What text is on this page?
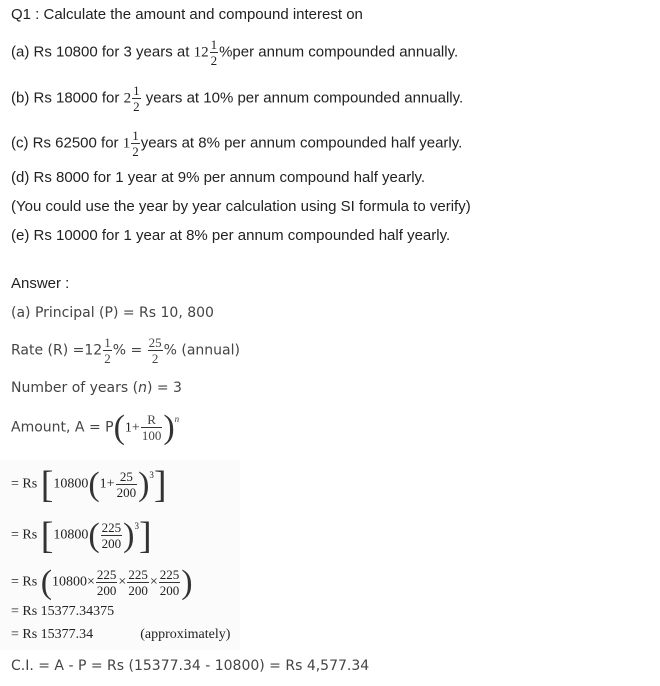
Q1 : Calculate the amount and compound interest on
(a) Rs 10800 for 3 years at $12 \frac{1}{2} \%per$ annum compounded annually.
(b) Rs 18000 for $2 \frac{1}{2}$ years at 10% per annum compounded annually.
(c) Rs 62500 for $1 \frac{1}{2}$ years at 8% per annum compounded half yearly.
(d) Rs 8000 for 1 year at 9% per annum compound half yearly.
(You could use the year by year calculation using SI formula to verify)
(e) Rs 10000 for 1 year at 8% per annum compounded half yearly.
Answer :
(a) Principal (P) = Rs 10, 800
Rate $(R) =12 \frac{1}{2}$ % = $\frac{25}{2}$ % (annual)
Number of years (n) = 3
Amount, $A = P(1+ \frac{R}{100} )^n$
= Rs $[10800(1+ \frac{25}{200} )^3]$
= Rs $[10800( \frac{225}{200} )^3]$
= Rs ($10800\times \frac{225}{200} \times \frac{225}{200} \times \frac{225}{200}$ )
= Rs 15377.34375
= Rs 15377.34	(approximately)
C.I. = A - P = Rs (15377.34 - 10800) = Rs 4,577.34
